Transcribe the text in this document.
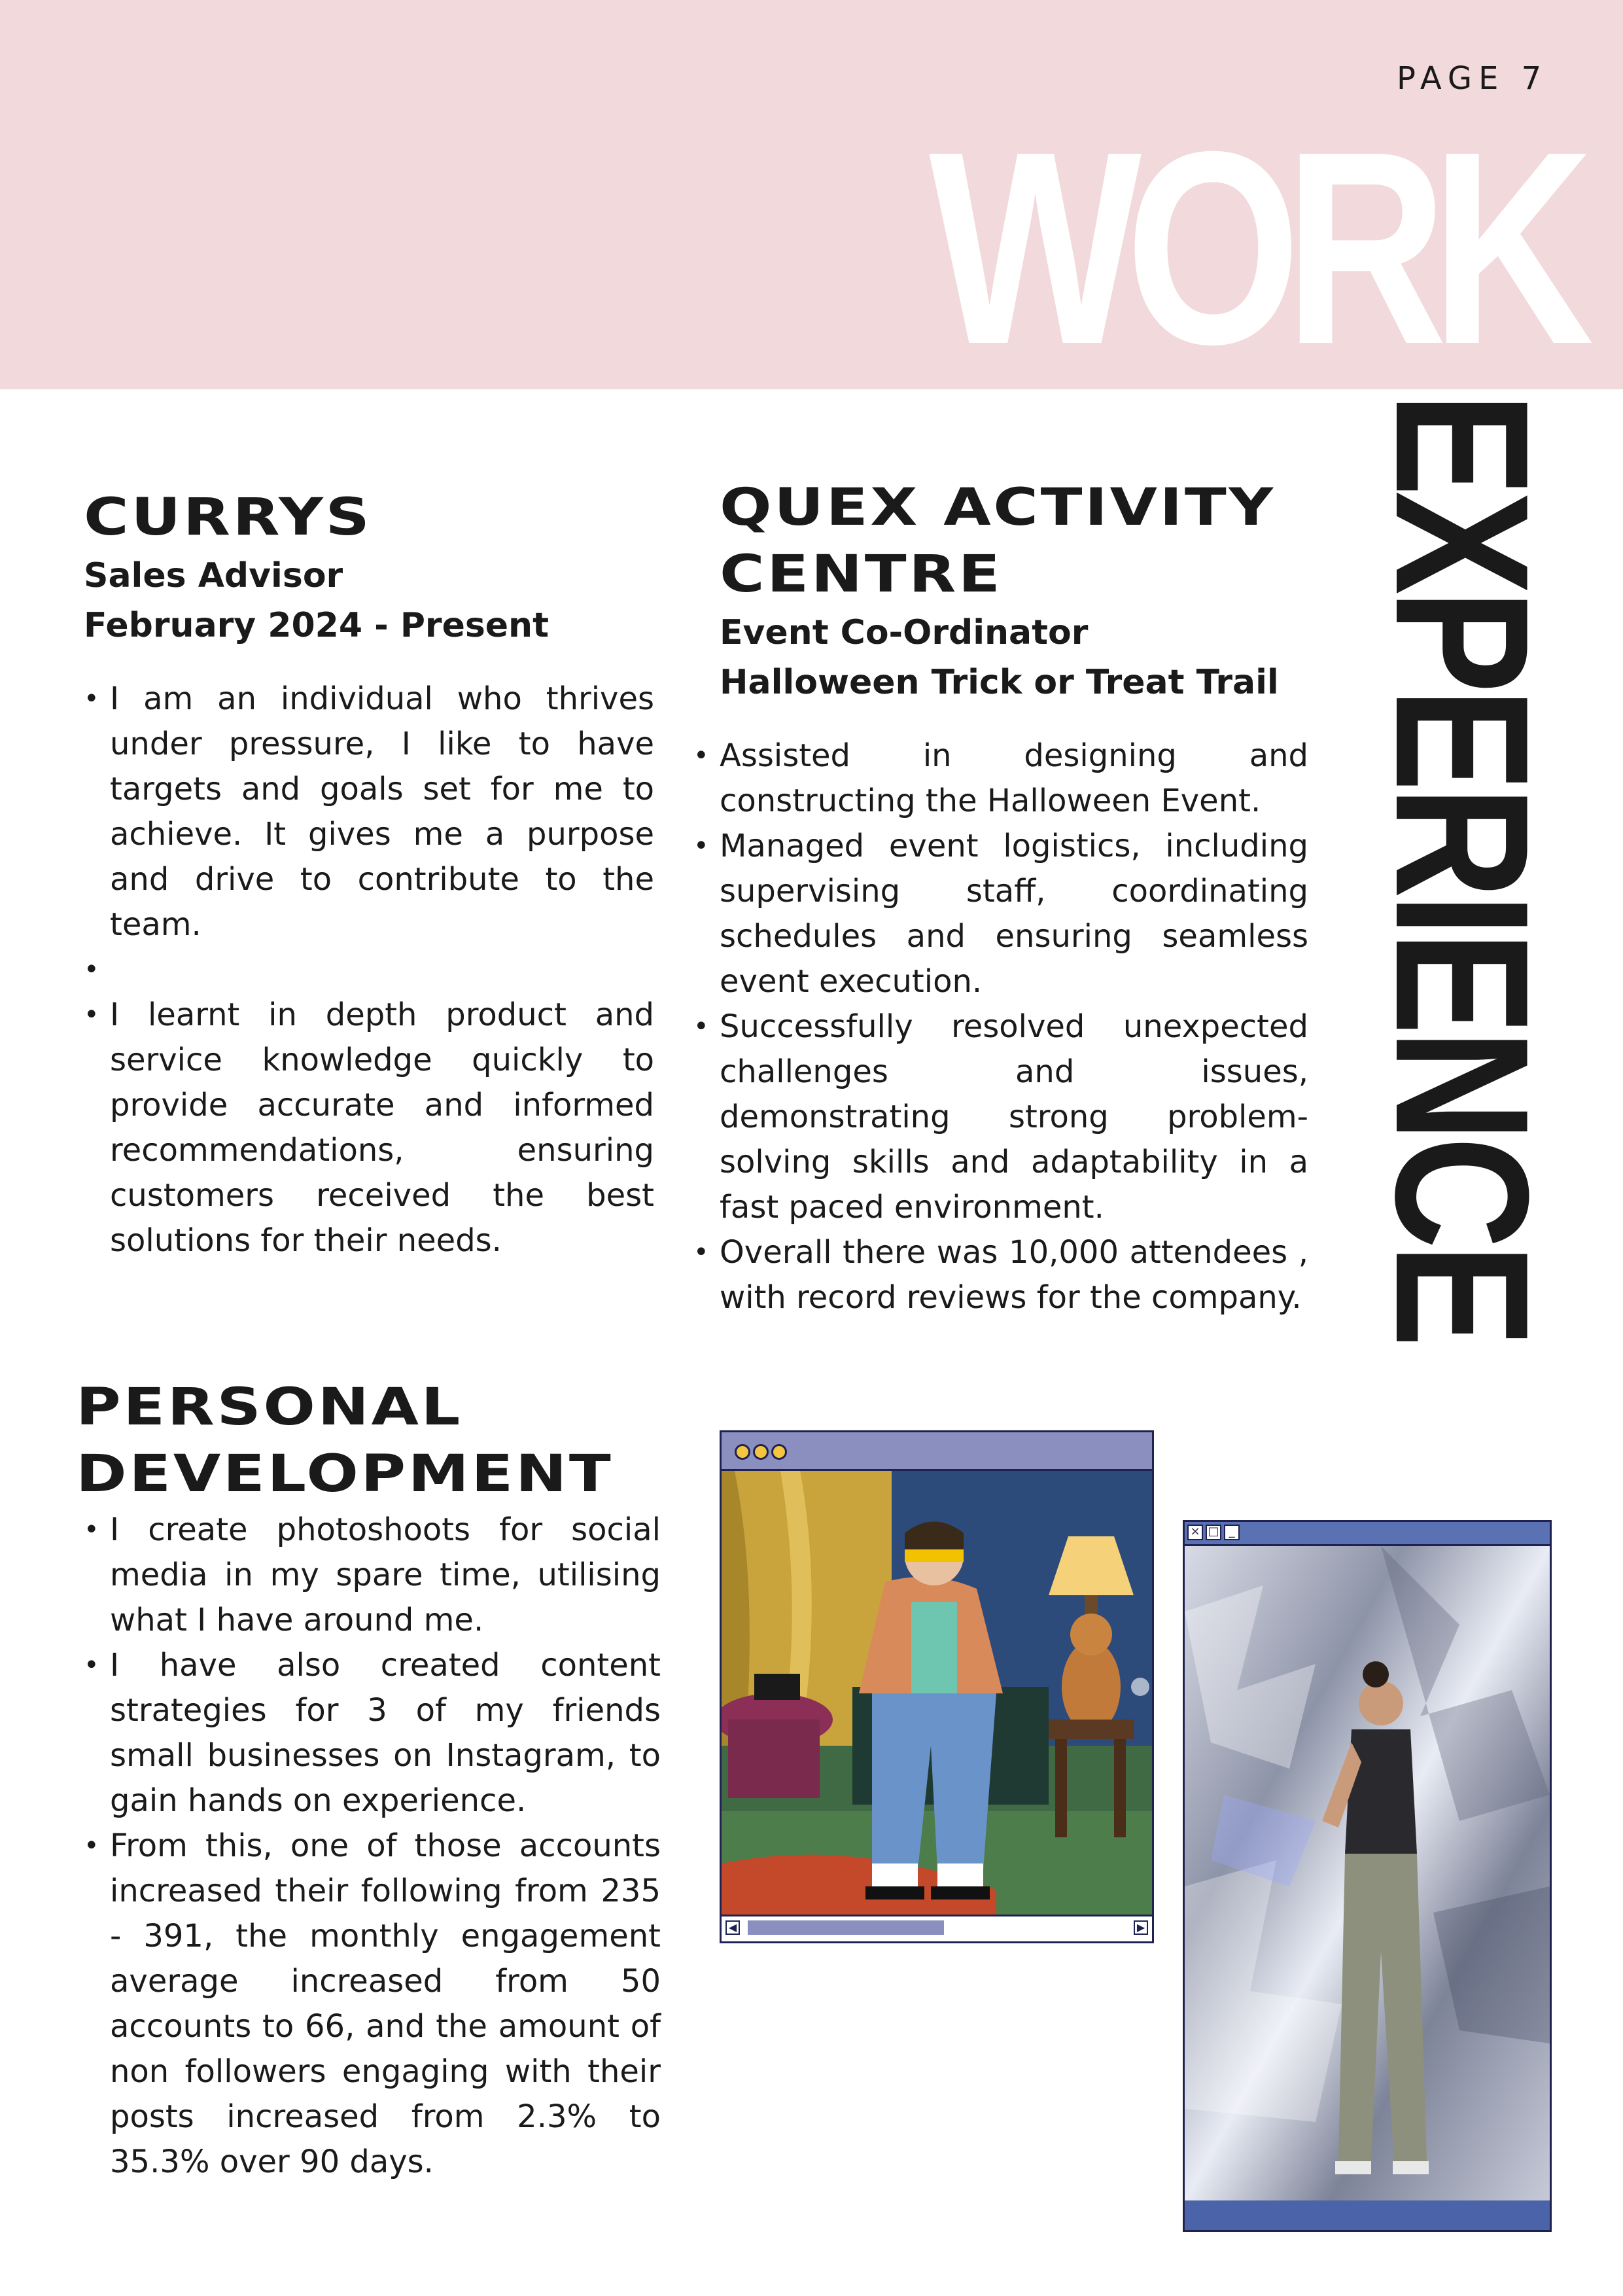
PAGE 7
WORK
EXPERIENCE
CURRYS

Sales Advisor

February 2024 - Present

• I am an individual who thrives under pressure, I like to have targets and goals set for me to achieve. It gives me a purpose and drive to contribute to the team.
•
• I learnt in depth product and service knowledge quickly to provide accurate and informed recommendations, ensuring customers received the best solutions for their needs.
QUEX ACTIVITY
CENTRE

Event Co-Ordinator

Halloween Trick or Treat Trail

• Assisted in designing and constructing the Halloween Event.
• Managed event logistics, including supervising staff, coordinating schedules and ensuring seamless event execution.
• Successfully resolved unexpected challenges and issues, demonstrating strong problem-solving skills and adaptability in a fast paced environment.
• Overall there was 10,000 attendees , with record reviews for the company.
PERSONAL
DEVELOPMENT
• I create photoshoots for social media in my spare time, utilising what I have around me.
• I have also created content strategies for 3 of my friends small businesses on Instagram, to gain hands on experience.
• From this, one of those accounts increased their following from 235 - 391, the monthly engagement average increased from 50 accounts to 66, and the amount of non followers engaging with their posts increased from 2.3% to 35.3% over 90 days.
◀	▶
× □ _
